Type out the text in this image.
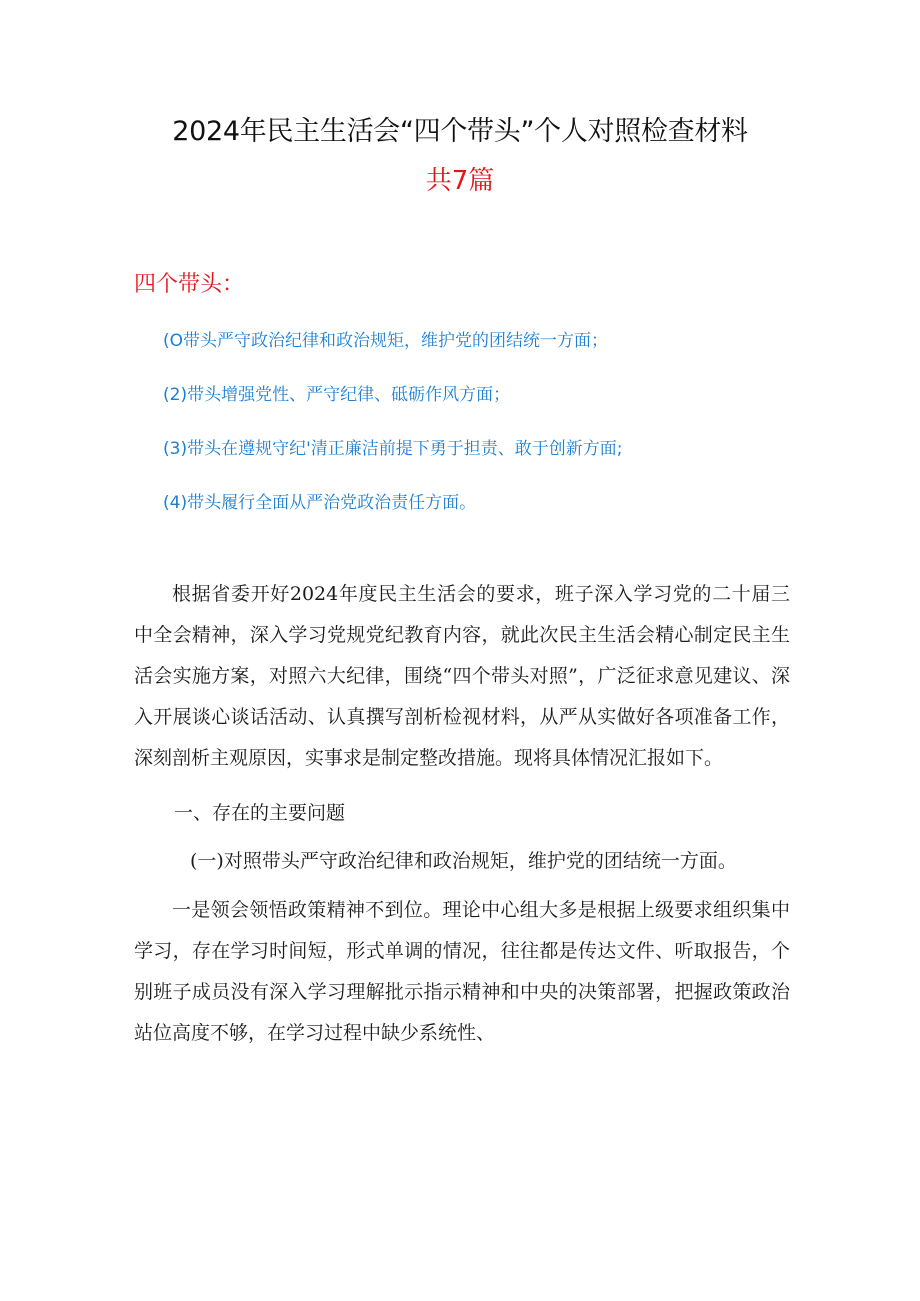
2024年民主生活会“四个带头”个人对照检查材料
共7篇
四个带头：
(O带头严守政治纪律和政治规矩，维护党的团结统一方面；
(2)带头增强党性、严守纪律、砥砺作风方面；
(3)带头在遵规守纪'清正廉洁前提下勇于担责、敢于创新方面;
(4)带头履行全面从严治党政治责任方面。

根据省委开好2024年度民主生活会的要求，班子深入学习党的二十届三中全会精神，深入学习党规党纪教育内容，就此次民主生活会精心制定民主生活会实施方案，对照六大纪律，围绕“四个带头对照”，广泛征求意见建议、深入开展谈心谈话活动、认真撰写剖析检视材料，从严从实做好各项准备工作，深刻剖析主观原因，实事求是制定整改措施。现将具体情况汇报如下。

一、存在的主要问题

(一)对照带头严守政治纪律和政治规矩，维护党的团结统一方面。

一是领会领悟政策精神不到位。理论中心组大多是根据上级要求组织集中学习，存在学习时间短，形式单调的情况，往往都是传达文件、听取报告，个别班子成员没有深入学习理解批示指示精神和中央的决策部署，把握政策政治站位高度不够，在学习过程中缺少系统性、
